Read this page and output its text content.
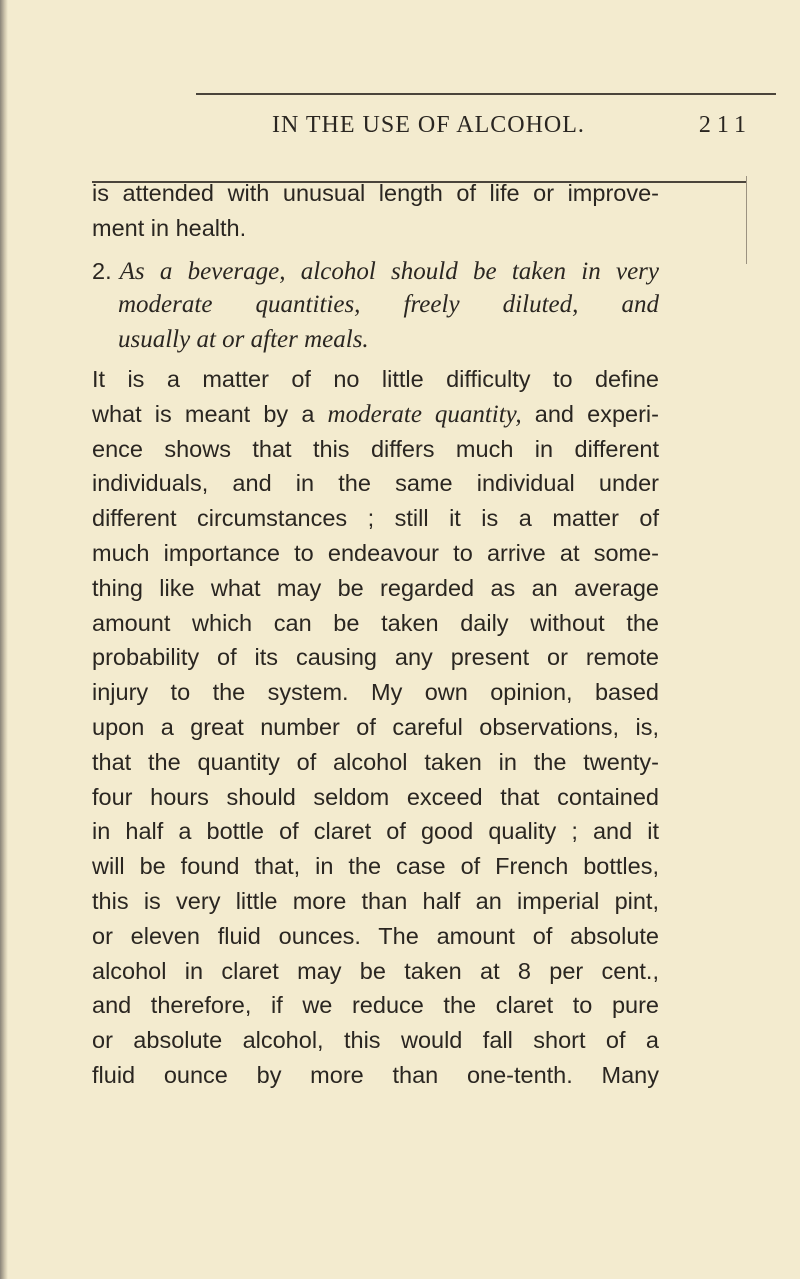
IN THE USE OF ALCOHOL.	211
is attended with unusual length of life or improve-
ment in health.
2. As a beverage, alcohol should be taken in very
moderate quantities, freely diluted, and
usually at or after meals.
It is a matter of no little difficulty to define
what is meant by a moderate quantity, and experi-
ence shows that this differs much in different
individuals, and in the same individual under
different circumstances ; still it is a matter of
much importance to endeavour to arrive at some-
thing like what may be regarded as an average
amount which can be taken daily without the
probability of its causing any present or remote
injury to the system. My own opinion, based
upon a great number of careful observations, is,
that the quantity of alcohol taken in the twenty-
four hours should seldom exceed that contained
in half a bottle of claret of good quality ; and it
will be found that, in the case of French bottles,
this is very little more than half an imperial pint,
or eleven fluid ounces. The amount of absolute
alcohol in claret may be taken at 8 per cent.,
and therefore, if we reduce the claret to pure
or absolute alcohol, this would fall short of a
fluid ounce by more than one-tenth. Many
